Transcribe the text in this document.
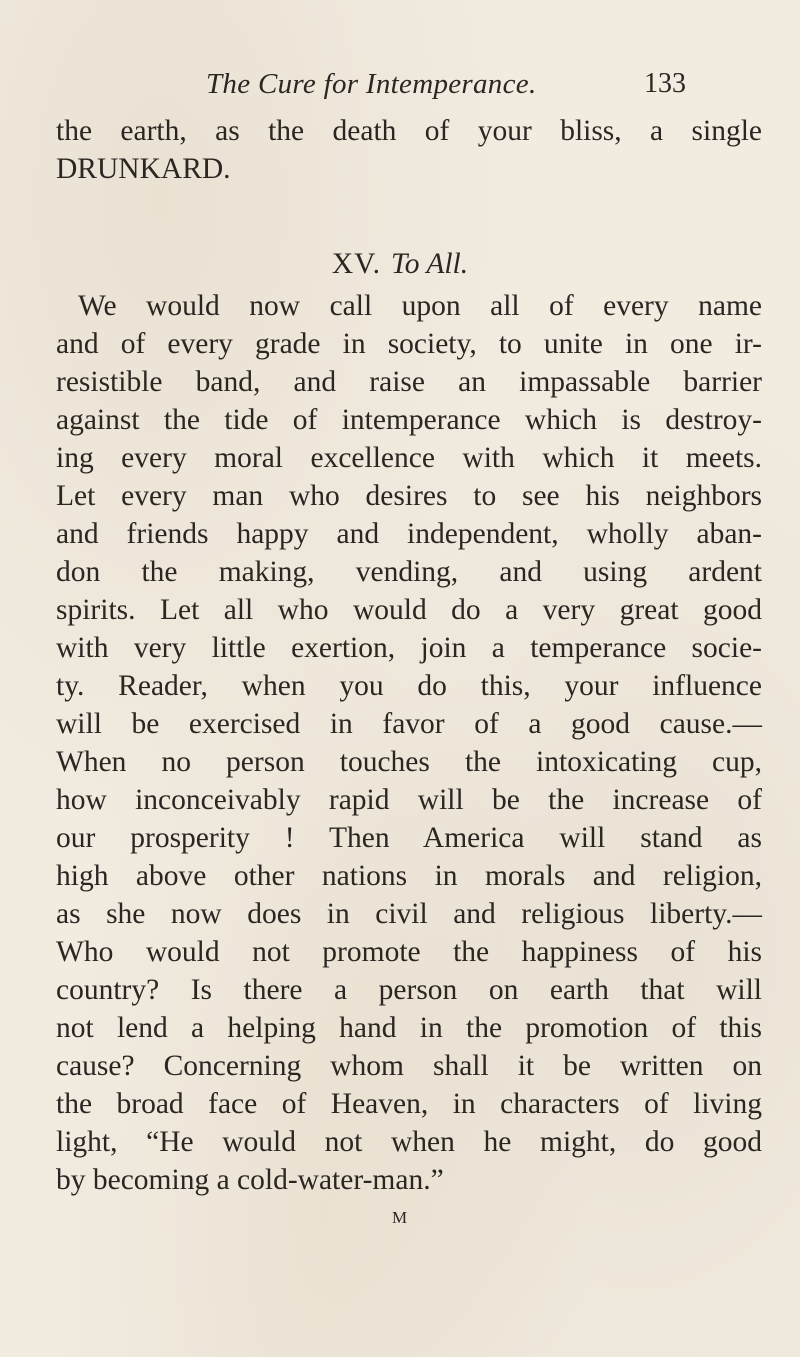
The Cure for Intemperance.	133
the earth, as the death of your bliss, a single
DRUNKARD.
XV. To All.
We would now call upon all of every name
and of every grade in society, to unite in one ir-
resistible band, and raise an impassable barrier
against the tide of intemperance which is destroy-
ing every moral excellence with which it meets.
Let every man who desires to see his neighbors
and friends happy and independent, wholly aban-
don the making, vending, and using ardent
spirits. Let all who would do a very great good
with very little exertion, join a temperance socie-
ty. Reader, when you do this, your influence
will be exercised in favor of a good cause.—
When no person touches the intoxicating cup,
how inconceivably rapid will be the increase of
our prosperity ! Then America will stand as
high above other nations in morals and religion,
as she now does in civil and religious liberty.—
Who would not promote the happiness of his
country? Is there a person on earth that will
not lend a helping hand in the promotion of this
cause? Concerning whom shall it be written on
the broad face of Heaven, in characters of living
light, “He would not when he might, do good
by becoming a cold-water-man.”
M
